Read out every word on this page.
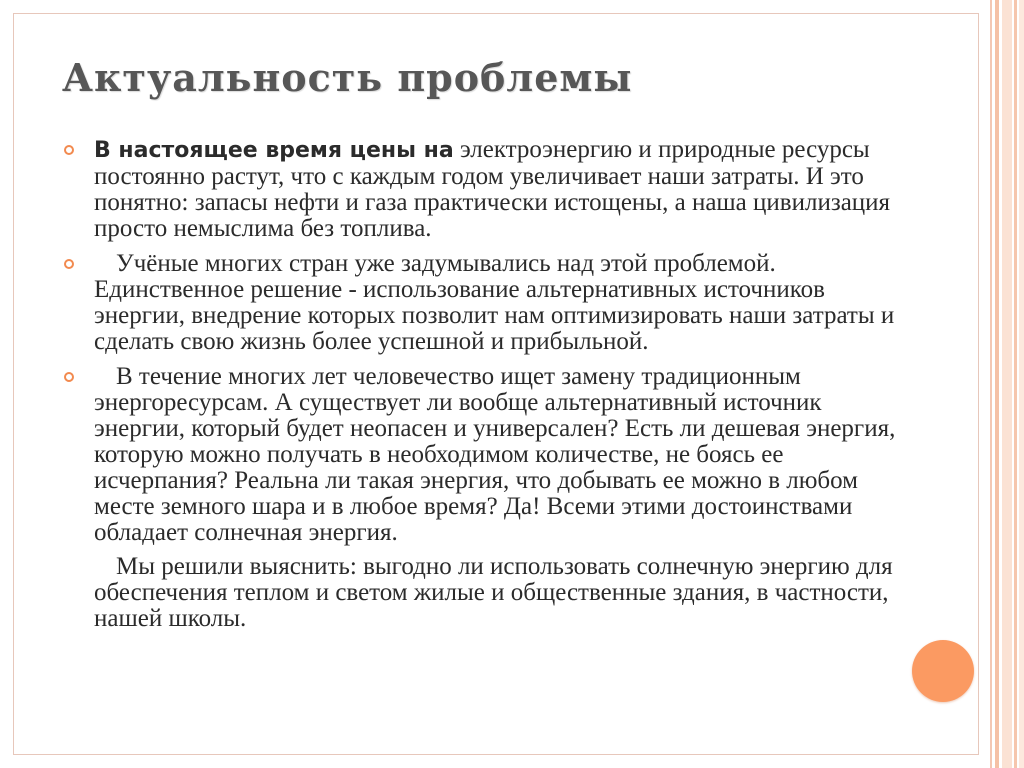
Актуальность проблемы

В настоящее время цены на электроэнергию и природные ресурсы постоянно растут, что с каждым годом увеличивает наши затраты. И это понятно: запасы нефти и газа практически истощены, а наша цивилизация просто немыслима без топлива.

Учёные многих стран уже задумывались над этой проблемой. Единственное решение - использование альтернативных источников энергии, внедрение которых позволит нам оптимизировать наши затраты и сделать свою жизнь более успешной и прибыльной.

В течение многих лет человечество ищет замену традиционным энергоресурсам. А существует ли вообще альтернативный источник энергии, который будет неопасен и универсален? Есть ли дешевая энергия, которую можно получать в необходимом количестве, не боясь ее исчерпания? Реальна ли такая энергия, что добывать ее можно в любом месте земного шара и в любое время? Да! Всеми этими достоинствами обладает солнечная энергия.

Мы решили выяснить: выгодно ли использовать солнечную энергию для обеспечения теплом и светом жилые и общественные здания, в частности, нашей школы.
